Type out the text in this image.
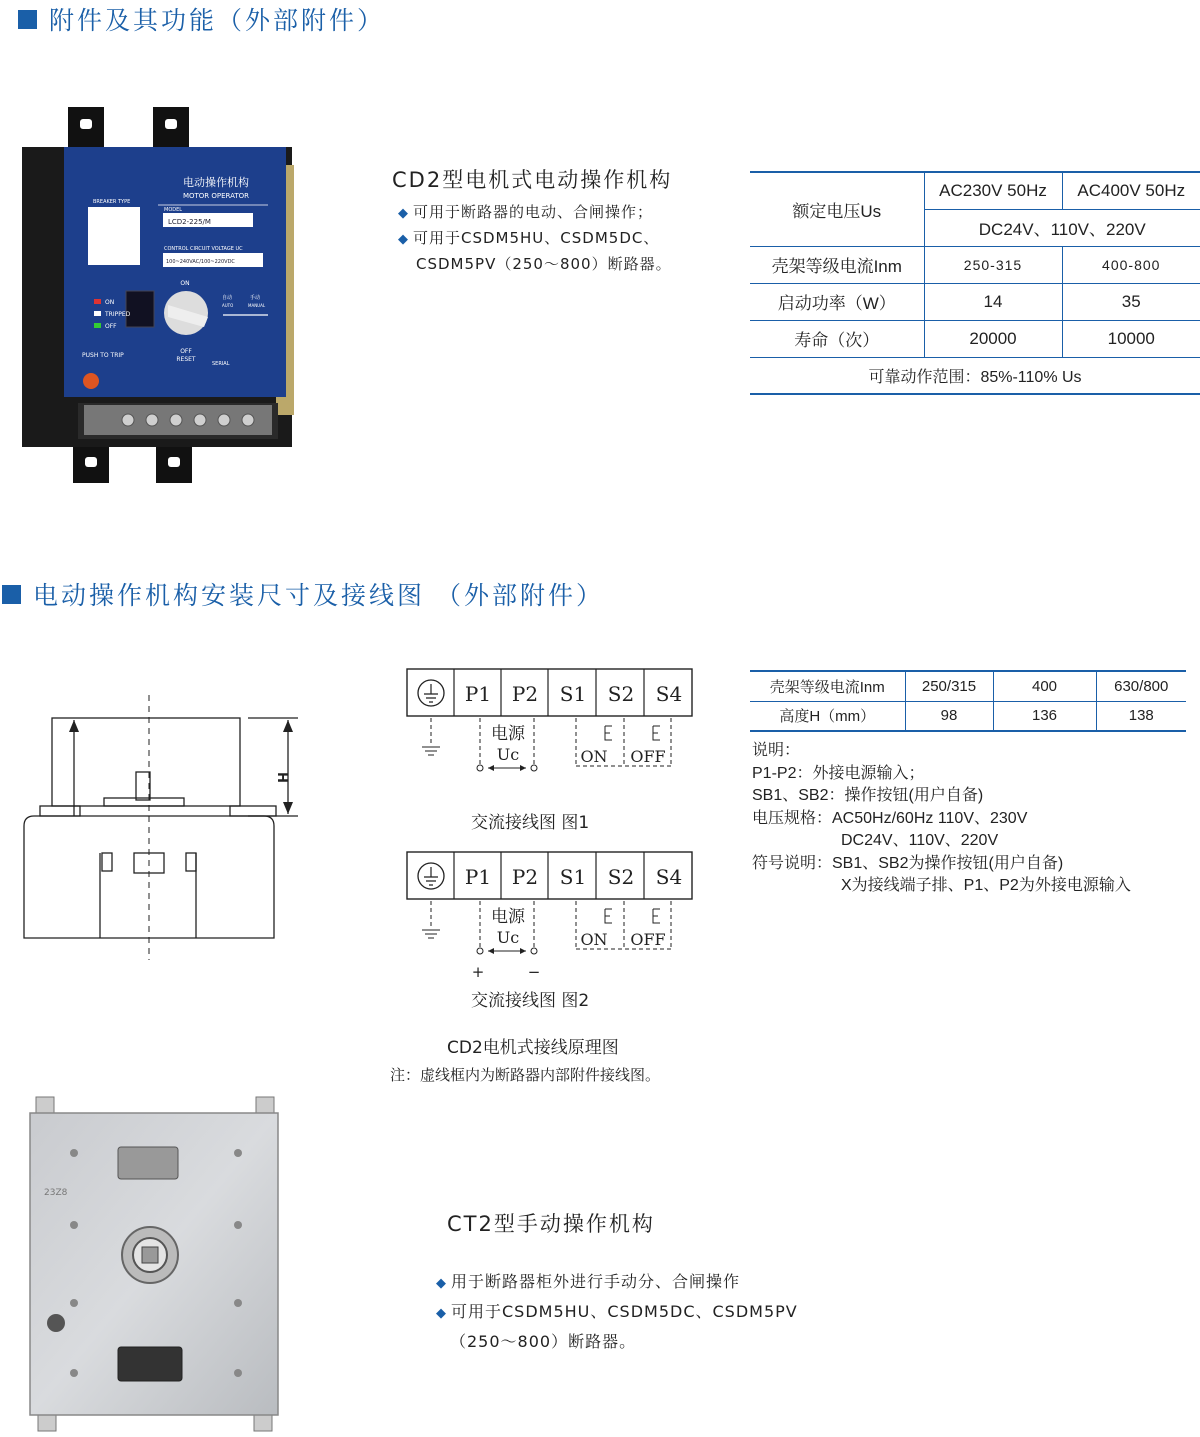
附件及其功能（外部附件）
电动操作机构
MOTOR OPERATOR
BREAKER TYPE
MODEL
LCD2-225/M
CONTROL CIRCUIT VOLTAGE UC
100~240VAC/100~220VDC
ON
TRIPPED
OFF
ON
OFF
RESET
自动
AUTO
手动
MANUAL
PUSH TO TRIP
SERIAL
CD2型电机式电动操作机构
◆ 可用于断路器的电动、合闸操作；
◆ 可用于CSDM5HU、CSDM5DC、
CSDM5PV（250～800）断路器。
额定电压Us	AC230V 50Hz	AC400V 50Hz
	DC24V、110V、220V	
壳架等级电流Inm	250-315	400-800
启动功率（W）	14	35
寿命（次）	20000	10000
可靠动作范围：85%-110% Us		
电动操作机构安装尺寸及接线图 （外部附件）
H
P1 P2 S1 S2 S4
P1 P2 S1 S2 S4
电源
电源
Uc
Uc
ON OFF
ON OFF
+	−
交流接线图 图1
交流接线图 图2
CD2电机式接线原理图
注：虚线框内为断路器内部附件接线图。
壳架等级电流Inm	250/315	400	630/800
高度H（mm）	98	136	138
说明：
P1-P2：外接电源输入；
SB1、SB2：操作按钮(用户自备)
电压规格：AC50Hz/60Hz 110V、230V
DC24V、110V、220V
符号说明：SB1、SB2为操作按钮(用户自备)
X为接线端子排、P1、P2为外接电源输入
23Z8
CT2型手动操作机构
◆ 用于断路器柜外进行手动分、合闸操作
◆ 可用于CSDM5HU、CSDM5DC、CSDM5PV
（250～800）断路器。
